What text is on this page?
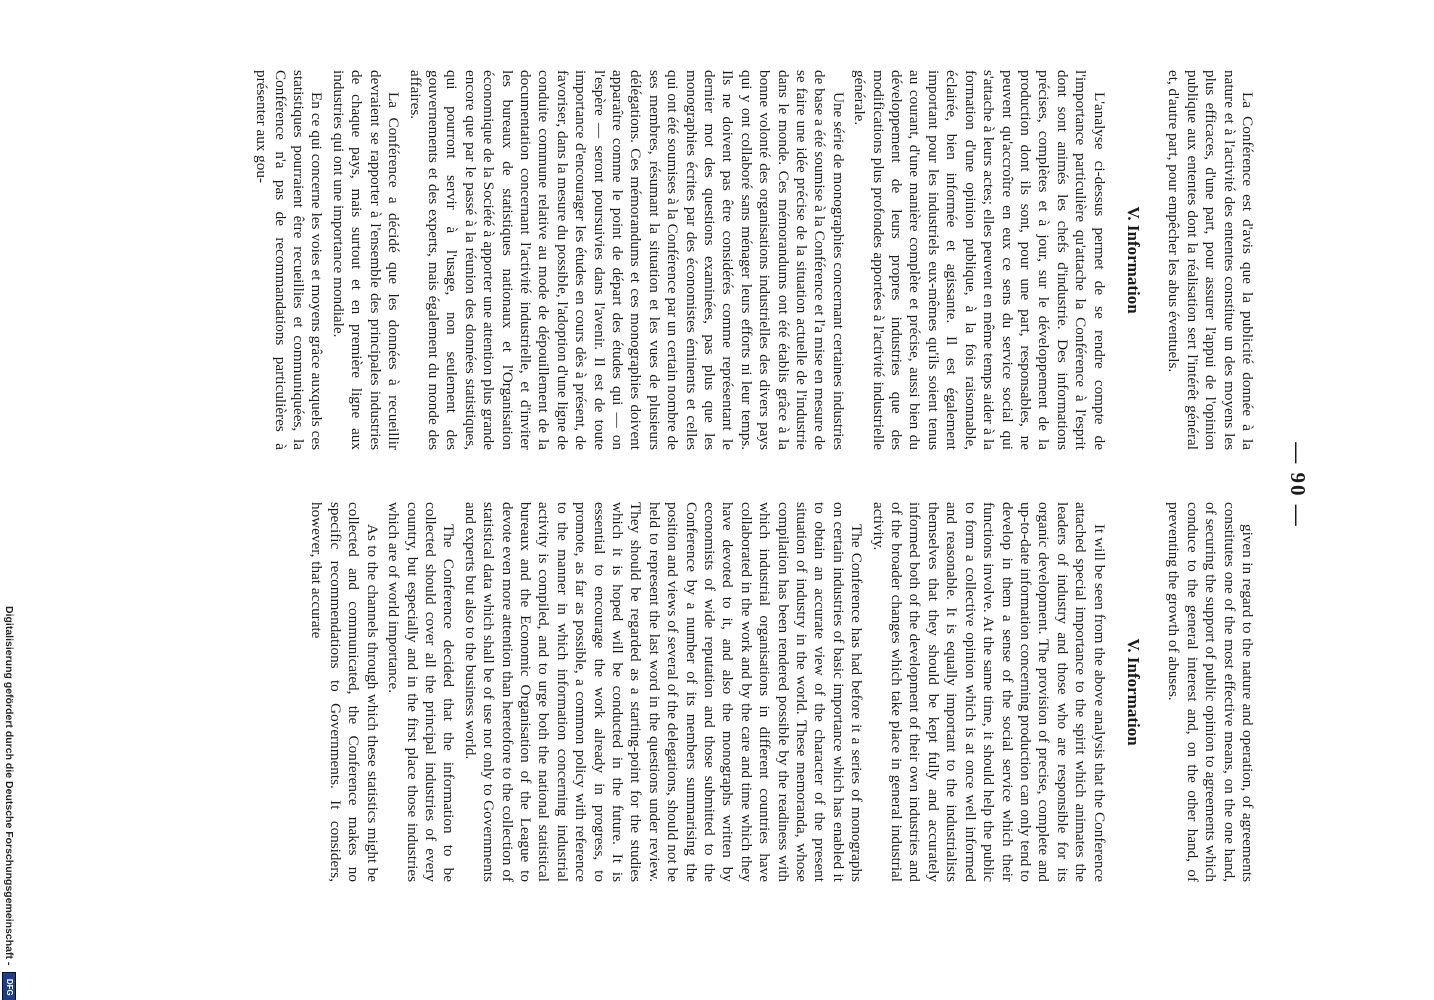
— 90 —

La Conférence est d'avis que la publicité donnée à la nature et à l'activité des ententes constitue un des moyens les plus efficaces, d'une part, pour assurer l'appui de l'opinion publique aux ententes dont la réalisation sert l'intérêt général et, d'autre part, pour empêcher les abus éventuels.

V. Information

L'analyse ci-dessus permet de se rendre compte de l'importance particulière qu'attache la Conférence à l'esprit dont sont animés les chefs d'industrie. Des informations précises, complètes et à jour, sur le développement de la production dont ils sont, pour une part, responsables, ne peuvent qu'accroître en eux ce sens du service social qui s'attache à leurs actes; elles peuvent en même temps aider à la formation d'une opinion publique, à la fois raisonnable, éclairée, bien informée et agissante. Il est également important pour les industriels eux-mêmes qu'ils soient tenus au courant, d'une manière complète et précise, aussi bien du développement de leurs propres industries que des modifications plus profondes apportées à l'activité industrielle générale.

Une série de monographies concernant certaines industries de base a été soumise à la Conférence et l'a mise en mesure de se faire une idée précise de la situation actuelle de l'industrie dans le monde. Ces mémorandums ont été établis grâce à la bonne volonté des organisations industrielles des divers pays qui y ont collaboré sans ménager leurs efforts ni leur temps. Ils ne doivent pas être considérés comme représentant le dernier mot des questions examinées, pas plus que les monographies écrites par des économistes éminents et celles qui ont été soumises à la Conférence par un certain nombre de ses membres, résumant la situation et les vues de plusieurs délégations. Ces mémorandums et ces monographies doivent apparaître comme le point de départ des études qui — on l'espère — seront poursuivies dans l'avenir. Il est de toute importance d'encourager les études en cours dès à présent, de favoriser, dans la mesure du possible, l'adoption d'une ligne de conduite commune relative au mode de dépouillement de la documentation concernant l'activité industrielle, et d'inviter les bureaux de statistiques nationaux et l'Organisation économique de la Société à apporter une attention plus grande encore que par le passé à la réunion des données statistiques, qui pourront servir à l'usage, non seulement des gouvernements et des experts, mais également du monde des affaires.

La Conférence a décidé que les données à recueillir devraient se rapporter à l'ensemble des principales industries de chaque pays, mais surtout et en première ligne aux industries qui ont une importance mondiale.

En ce qui concerne les voies et moyens grâce auxquels ces statistiques pourraient être recueillies et communiquées, la Conférence n'a pas de recommandations particulières à présenter aux gou-

given in regard to the nature and operation, of agreements constitutes one of the most effective means, on the one hand, of securing the support of public opinion to agreements which conduce to the general interest and, on the other hand, of preventing the growth of abuses.

V. Information

It will be seen from the above analysis that the Conference attached special importance to the spirit which animates the leaders of industry and those who are responsible for its organic development. The provision of precise, complete and up-to-date information concerning production can only tend to develop in them a sense of the social service which their functions involve. At the same time, it should help the public to form a collective opinion which is at once well informed and reasonable. It is equally important to the industrialists themselves that they should be kept fully and accurately informed both of the development of their own industries and of the broader changes which take place in general industrial activity.

The Conference has had before it a series of monographs on certain industries of basic importance which has enabled it to obtain an accurate view of the character of the present situation of industry in the world. These memoranda, whose compilation has been rendered possible by the readiness with which industrial organisations in different countries have collaborated in the work and by the care and time which they have devoted to it, and also the monographs written by economists of wide reputation and those submitted to the Conference by a number of its members summarising the position and views of several of the delegations, should not be held to represent the last word in the questions under review. They should be regarded as a starting-point for the studies which it is hoped will be conducted in the future. It is essential to encourage the work already in progress, to promote, as far as possible, a common policy with reference to the manner in which information concerning industrial activity is compiled, and to urge both the national statistical bureaux and the Economic Organisation of the League to devote even more attention than heretofore to the collection of statistical data which shall be of use not only to Governments and experts but also to the business world.

The Conference decided that the information to be collected should cover all the principal industries of every country, but especially and in the first place those industries which are of world importance.

As to the channels through which these statistics might be collected and communicated, the Conference makes no specific recommendations to Governments. It considers, however, that accurate

Digitalisierung gefördert durch die Deutsche Forschungsgemeinschaft - DFG
